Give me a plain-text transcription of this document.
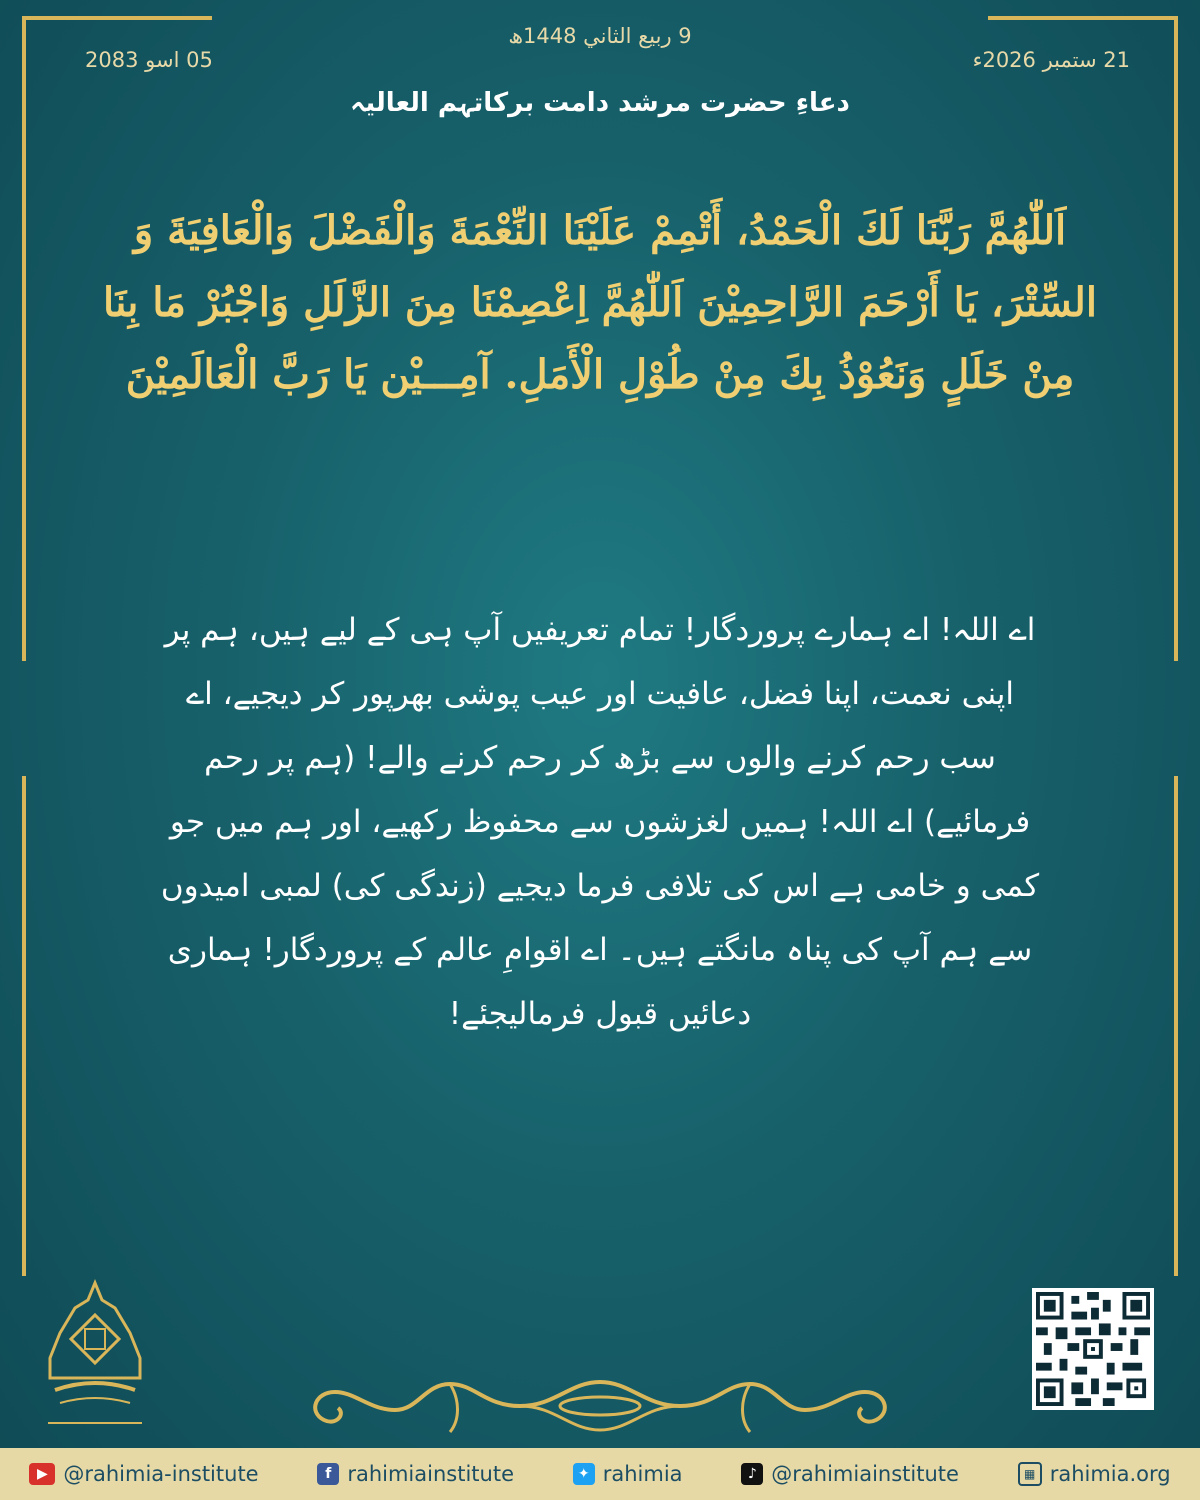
9 ربيع الثاني 1448ھ
21 ستمبر 2026ء
05 اسو 2083
دعاءِ حضرت مرشد دامت برکاتہم العالیہ
اَللّٰهُمَّ رَبَّنَا لَكَ الْحَمْدُ، أَتْمِمْ عَلَيْنَا النِّعْمَةَ وَالْفَضْلَ وَالْعَافِيَةَ وَ السِّتْرَ، يَا أَرْحَمَ الرَّاحِمِيْنَ اَللّٰهُمَّ اِعْصِمْنَا مِنَ الزَّلَلِ وَاجْبُرْ مَا بِنَا مِنْ خَلَلٍ وَنَعُوْذُ بِكَ مِنْ طُوْلِ الْأَمَلِ. آمِـــيْن يَا رَبَّ الْعَالَمِيْنَ
اے اللہ! اے ہمارے پروردگار! تمام تعریفیں آپ ہی کے لیے ہیں، ہم پر اپنی نعمت، اپنا فضل، عافیت اور عیب پوشی بھرپور کر دیجیے، اے سب رحم کرنے والوں سے بڑھ کر رحم کرنے والے! (ہم پر رحم فرمائیے) اے اللہ! ہمیں لغزشوں سے محفوظ رکھیے، اور ہم میں جو کمی و خامی ہے اس کی تلافی فرما دیجیے (زندگی کی) لمبی امیدوں سے ہم آپ کی پناہ مانگتے ہیں۔ اے اقوامِ عالم کے پروردگار! ہماری دعائیں قبول فرمالیجئے!
▶ @rahimia-institute	f rahimiainstitute	✦ rahimia	♪ @rahimiainstitute	▦ rahimia.org
